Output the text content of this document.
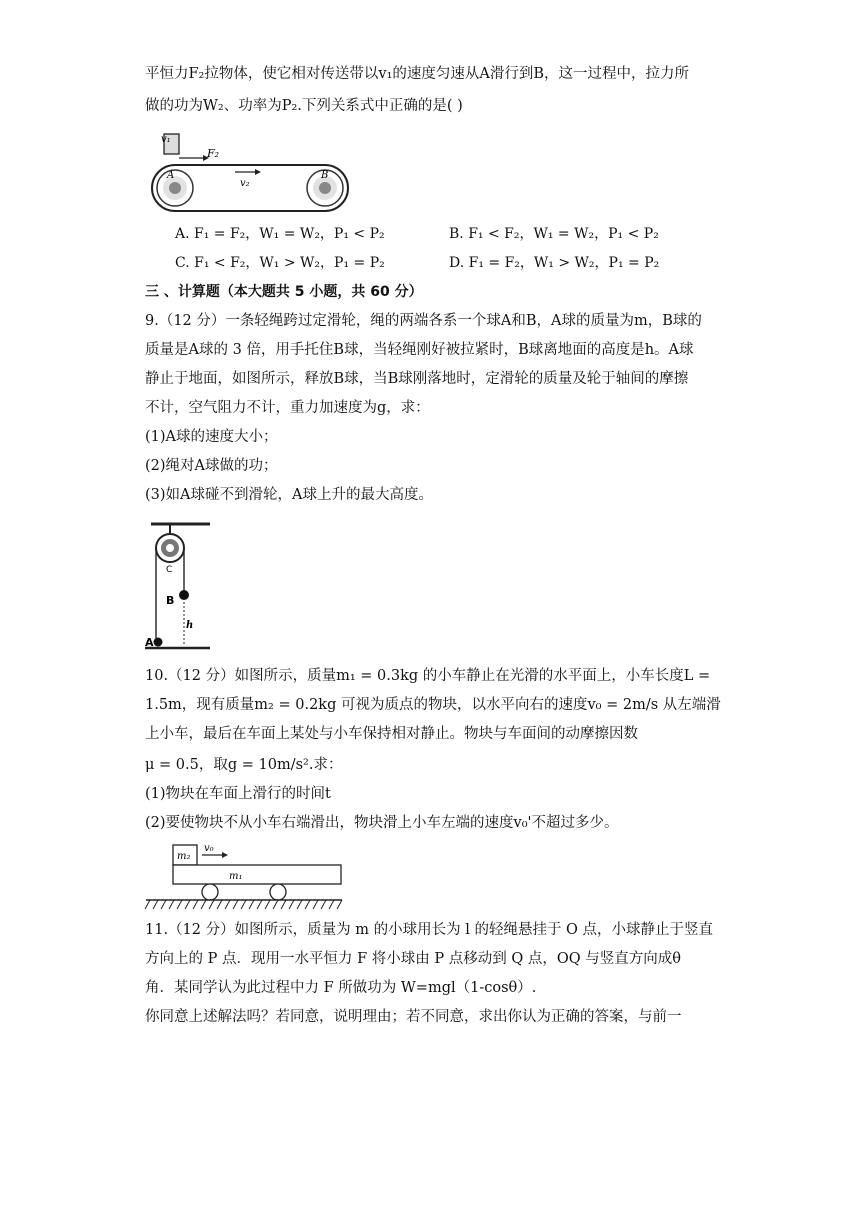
平恒力F₂拉物体，使它相对传送带以v₁的速度匀速从A滑行到B，这一过程中，拉力所
做的功为W₂、功率为P₂.下列关系式中正确的是( )
v₁
F₂
A	B
v₂
A. F₁ = F₂，W₁ = W₂，P₁ < P₂	B. F₁ < F₂，W₁ = W₂，P₁ < P₂
C. F₁ < F₂，W₁ > W₂，P₁ = P₂	D. F₁ = F₂，W₁ > W₂，P₁ = P₂
三 、计算题（本大题共 5 小题，共 60 分）
9.（12 分）一条轻绳跨过定滑轮，绳的两端各系一个球A和B，A球的质量为m，B球的
质量是A球的 3 倍，用手托住B球，当轻绳刚好被拉紧时，B球离地面的高度是h。A球
静止于地面，如图所示，释放B球，当B球刚落地时，定滑轮的质量及轮于轴间的摩擦
不计，空气阻力不计，重力加速度为g，求：
(1)A球的速度大小；
(2)绳对A球做的功；
(3)如A球碰不到滑轮，A球上升的最大高度。
C
B
h
A
10.（12 分）如图所示，质量m₁ = 0.3kg 的小车静止在光滑的水平面上，小车长度L =
1.5m，现有质量m₂ = 0.2kg 可视为质点的物块，以水平向右的速度v₀ = 2m/s 从左端滑
上小车，最后在车面上某处与小车保持相对静止。物块与车面间的动摩擦因数
μ = 0.5，取g = 10m/s².求：
(1)物块在车面上滑行的时间t
(2)要使物块不从小车右端滑出，物块滑上小车左端的速度v₀'不超过多少。
m₂
v₀
m₁
11.（12 分）如图所示，质量为 m 的小球用长为 l 的轻绳悬挂于 O 点，小球静止于竖直
方向上的 P 点．现用一水平恒力 F 将小球由 P 点移动到 Q 点，OQ 与竖直方向成θ
角．某同学认为此过程中力 F 所做功为 W=mgl（1-cosθ）.
你同意上述解法吗？若同意，说明理由；若不同意，求出你认为正确的答案，与前一
